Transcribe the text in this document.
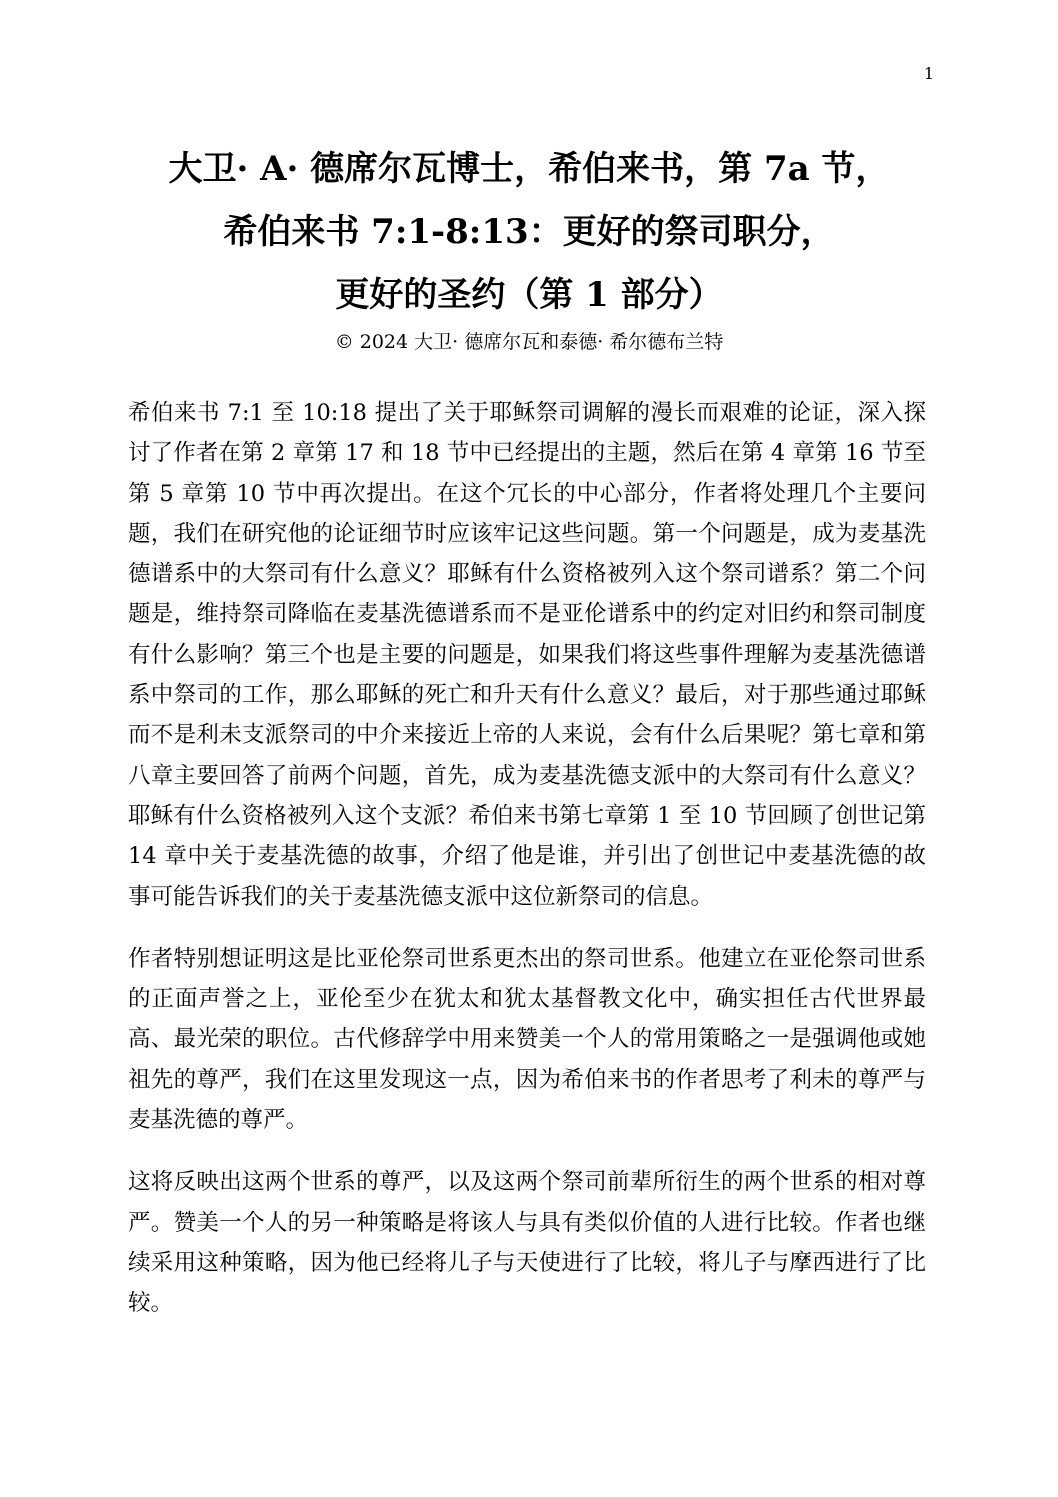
1
大卫· A· 德席尔瓦博士，希伯来书，第 7a 节，
希伯来书 7:1-8:13：更好的祭司职分，
更好的圣约（第 1 部分）
© 2024 大卫· 德席尔瓦和泰德· 希尔德布兰特

希伯来书 7:1 至 10:18 提出了关于耶稣祭司调解的漫长而艰难的论证，深入探讨了作者在第 2 章第 17 和 18 节中已经提出的主题，然后在第 4 章第 16 节至第 5 章第 10 节中再次提出。在这个冗长的中心部分，作者将处理几个主要问题，我们在研究他的论证细节时应该牢记这些问题。第一个问题是，成为麦基洗德谱系中的大祭司有什么意义？耶稣有什么资格被列入这个祭司谱系？第二个问题是，维持祭司降临在麦基洗德谱系而不是亚伦谱系中的约定对旧约和祭司制度有什么影响？第三个也是主要的问题是，如果我们将这些事件理解为麦基洗德谱系中祭司的工作，那么耶稣的死亡和升天有什么意义？最后，对于那些通过耶稣而不是利未支派祭司的中介来接近上帝的人来说，会有什么后果呢？第七章和第八章主要回答了前两个问题，首先，成为麦基洗德支派中的大祭司有什么意义？耶稣有什么资格被列入这个支派？希伯来书第七章第 1 至 10 节回顾了创世记第 14 章中关于麦基洗德的故事，介绍了他是谁，并引出了创世记中麦基洗德的故事可能告诉我们的关于麦基洗德支派中这位新祭司的信息。

作者特别想证明这是比亚伦祭司世系更杰出的祭司世系。他建立在亚伦祭司世系的正面声誉之上，亚伦至少在犹太和犹太基督教文化中，确实担任古代世界最高、最光荣的职位。古代修辞学中用来赞美一个人的常用策略之一是强调他或她祖先的尊严，我们在这里发现这一点，因为希伯来书的作者思考了利未的尊严与麦基洗德的尊严。

这将反映出这两个世系的尊严，以及这两个祭司前辈所衍生的两个世系的相对尊严。赞美一个人的另一种策略是将该人与具有类似价值的人进行比较。作者也继续采用这种策略，因为他已经将儿子与天使进行了比较，将儿子与摩西进行了比较。
